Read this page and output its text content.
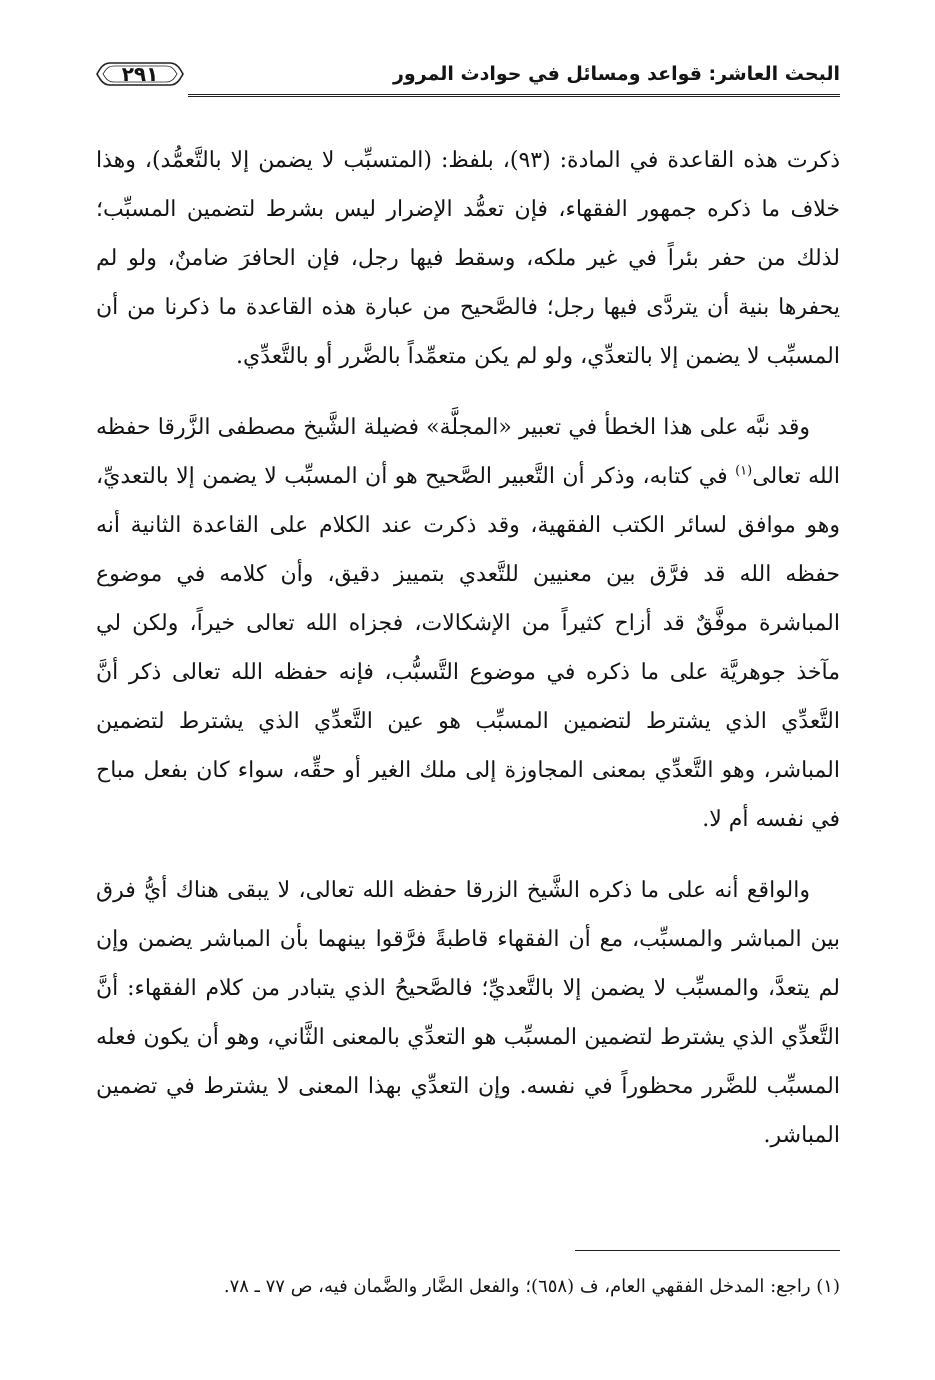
البحث العاشر: قواعد ومسائل في حوادث المرور
٢٩١

ذكرت هذه القاعدة في المادة: (٩٣)، بلفظ: (المتسبِّب لا يضمن إلا بالتَّعمُّد)، وهذا خلاف ما ذكره جمهور الفقهاء، فإن تعمُّد الإضرار ليس بشرط لتضمين المسبِّب؛ لذلك من حفر بئراً في غير ملكه، وسقط فيها رجل، فإن الحافرَ ضامنٌ، ولو لم يحفرها بنية أن يتردَّى فيها رجل؛ فالصَّحيح من عبارة هذه القاعدة ما ذكرنا من أن المسبِّب لا يضمن إلا بالتعدِّي، ولو لم يكن متعمِّداً بالضَّرر أو بالتَّعدِّي.

وقد نبَّه على هذا الخطأ في تعبير «المجلَّة» فضيلة الشَّيخ مصطفى الزَّرقا حفظه الله تعالى$^{(١)}$ في كتابه، وذكر أن التَّعبير الصَّحيح هو أن المسبِّب لا يضمن إلا بالتعديِّ، وهو موافق لسائر الكتب الفقهية، وقد ذكرت عند الكلام على القاعدة الثانية أنه حفظه الله قد فرَّق بين معنيين للتَّعدي بتمييز دقيق، وأن كلامه في موضوع المباشرة موفَّقٌ قد أزاح كثيراً من الإشكالات، فجزاه الله تعالى خيراً، ولكن لي مآخذ جوهريَّة على ما ذكره في موضوع التَّسبُّب، فإنه حفظه الله تعالى ذكر أنَّ التَّعدِّي الذي يشترط لتضمين المسبِّب هو عين التَّعدِّي الذي يشترط لتضمين المباشر، وهو التَّعدِّي بمعنى المجاوزة إلى ملك الغير أو حقِّه، سواء كان بفعل مباح في نفسه أم لا.

والواقع أنه على ما ذكره الشَّيخ الزرقا حفظه الله تعالى، لا يبقى هناك أيُّ فرق بين المباشر والمسبِّب، مع أن الفقهاء قاطبةً فرَّقوا بينهما بأن المباشر يضمن وإن لم يتعدَّ، والمسبِّب لا يضمن إلا بالتَّعديِّ؛ فالصَّحيحُ الذي يتبادر من كلام الفقهاء: أنَّ التَّعدِّي الذي يشترط لتضمين المسبِّب هو التعدِّي بالمعنى الثَّاني، وهو أن يكون فعله المسبِّب للضَّرر محظوراً في نفسه. وإن التعدِّي بهذا المعنى لا يشترط في تضمين المباشر.

(١) راجع: المدخل الفقهي العام، ف (٦٥٨)؛ والفعل الضَّار والضَّمان فيه، ص ٧٧ ـ ٧٨.
